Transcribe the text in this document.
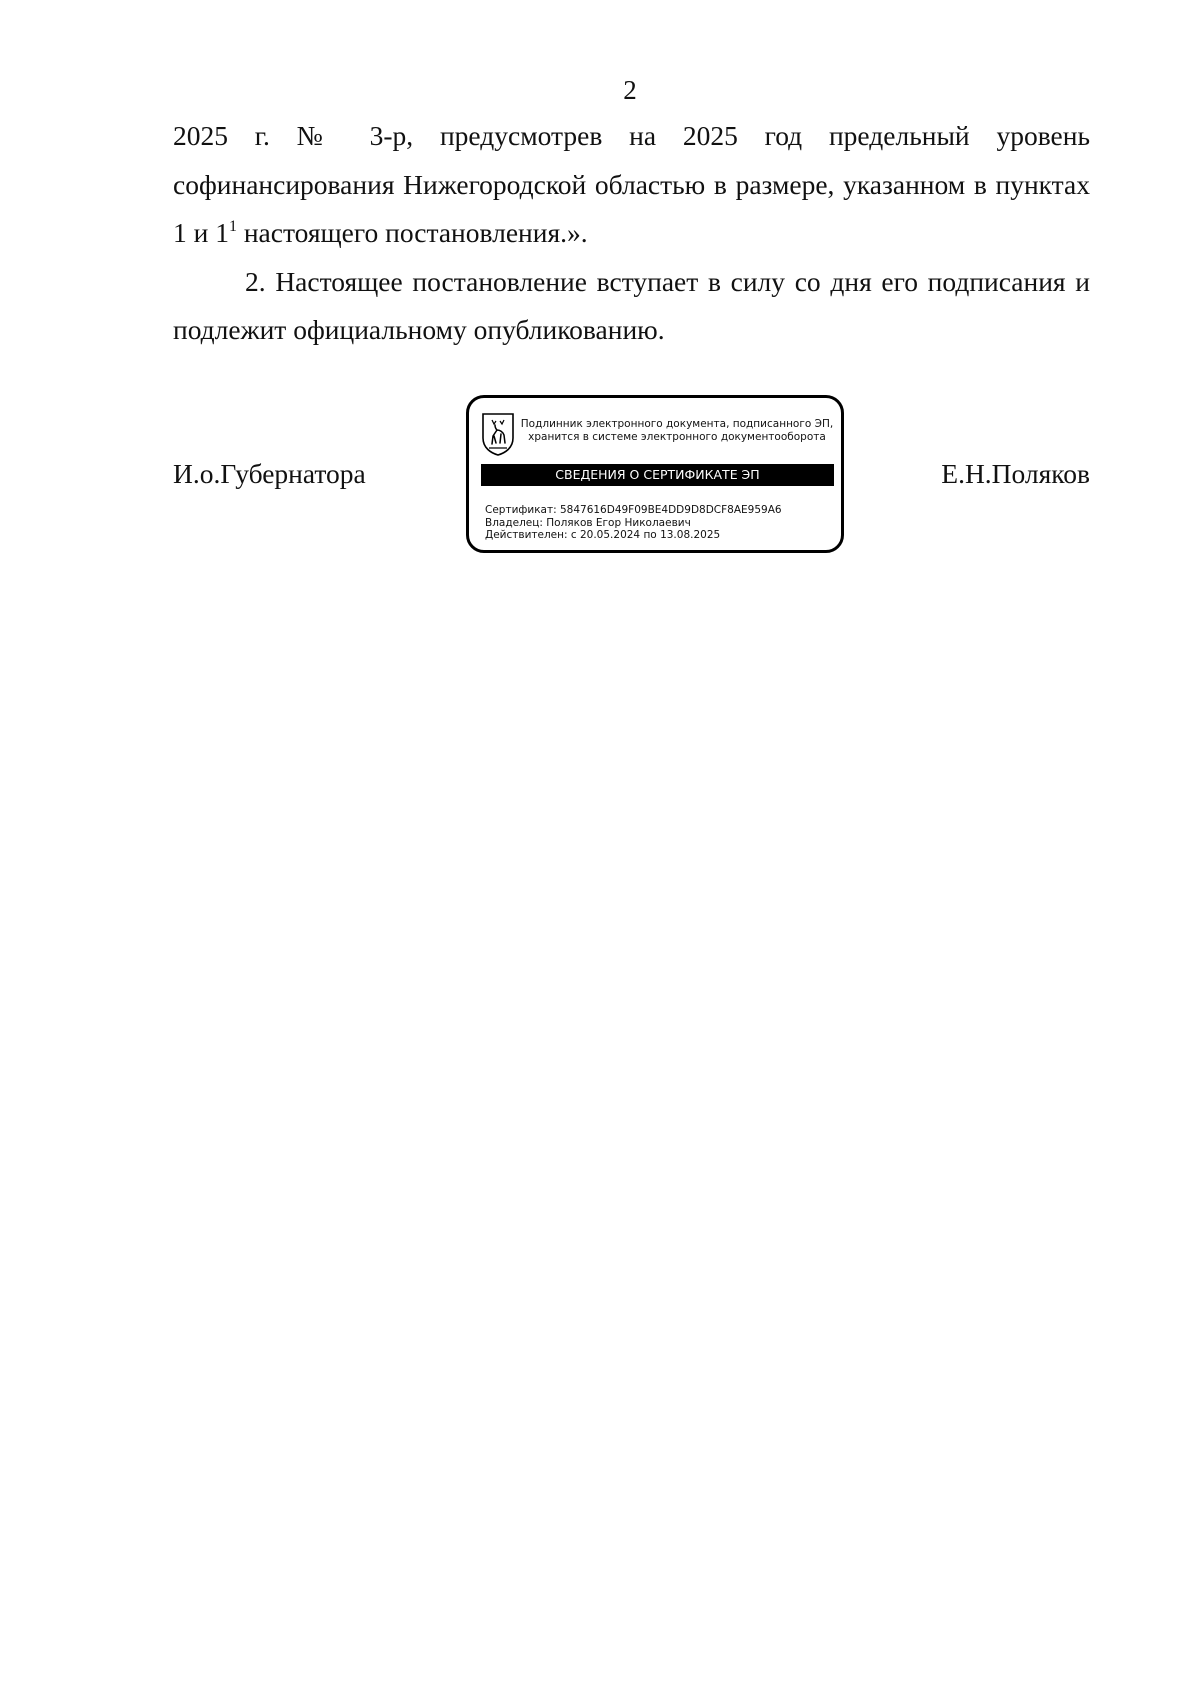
2

2025 г. № 3-р, предусмотрев на 2025 год предельный уровень софинансирования Нижегородской областью в размере, указанном в пунктах 1 и $1^1$ настоящего постановления.».

2. Настоящее постановление вступает в силу со дня его подписания и подлежит официальному опубликованию.

И.о.Губернатора	Е.Н.Поляков
Подлинник электронного документа, подписанного ЭП,
хранится в системе электронного документооборота
СВЕДЕНИЯ О СЕРТИФИКАТЕ ЭП
Сертификат: 5847616D49F09BE4DD9D8DCF8AE959A6
Владелец: Поляков Егор Николаевич
Действителен: с 20.05.2024 по 13.08.2025
